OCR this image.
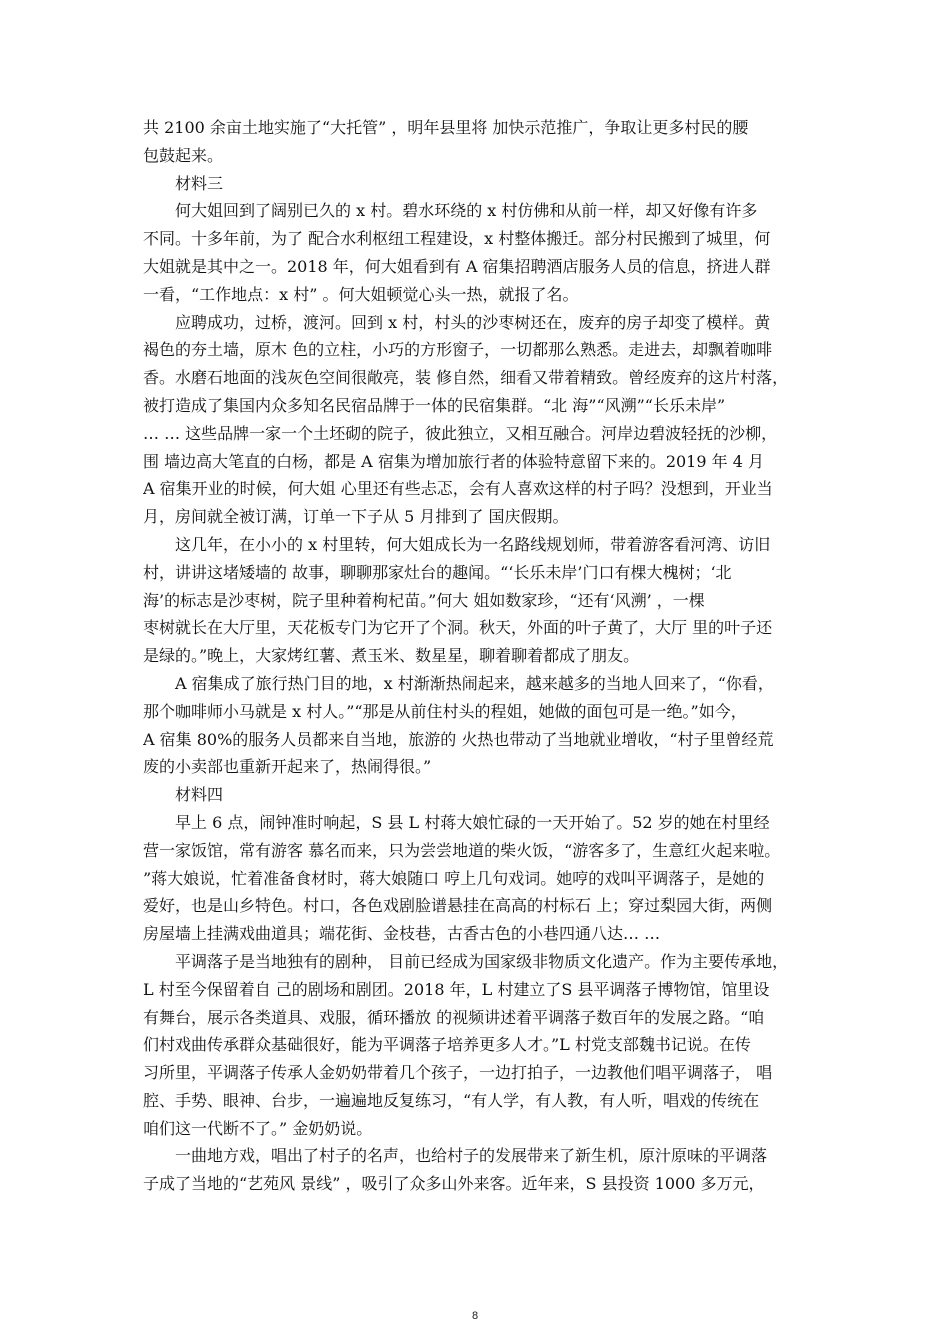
共 2100 余亩土地实施了“大托管” ，明年县里将 加快示范推广，争取让更多村民的腰
包鼓起来。
材料三
何大姐回到了阔别已久的 x 村。碧水环绕的 x 村仿佛和从前一样，却又好像有许多
不同。十多年前，为了 配合水利枢纽工程建设，x 村整体搬迁。部分村民搬到了城里，何
大姐就是其中之一。2018 年，何大姐看到有 A 宿集招聘酒店服务人员的信息，挤进人群
一看，“工作地点：x 村” 。何大姐顿觉心头一热，就报了名。
应聘成功，过桥，渡河。回到 x 村，村头的沙枣树还在，废弃的房子却变了模样。黄
褐色的夯土墙，原木 色的立柱，小巧的方形窗子，一切都那么熟悉。走进去，却飘着咖啡
香。水磨石地面的浅灰色空间很敞亮，装 修自然，细看又带着精致。曾经废弃的这片村落，
被打造成了集国内众多知名民宿品牌于一体的民宿集群。“北 海”“风溯”“长乐未岸”
… … 这些品牌一家一个土坯砌的院子，彼此独立，又相互融合。河岸边碧波轻抚的沙柳，
围 墙边高大笔直的白杨，都是 A 宿集为增加旅行者的体验特意留下来的。2019 年 4 月
A 宿集开业的时候，何大姐 心里还有些忐忑，会有人喜欢这样的村子吗？没想到，开业当
月，房间就全被订满，订单一下子从 5 月排到了 国庆假期。
这几年，在小小的 x 村里转，何大姐成长为一名路线规划师，带着游客看河湾、访旧
村，讲讲这堵矮墙的 故事，聊聊那家灶台的趣闻。“‘长乐未岸’门口有棵大槐树；‘北
海’的标志是沙枣树，院子里种着枸杞苗。”何大 姐如数家珍，“还有‘风溯’ ，一棵
枣树就长在大厅里，天花板专门为它开了个洞。秋天，外面的叶子黄了，大厅 里的叶子还
是绿的。”晚上，大家烤红薯、煮玉米、数星星，聊着聊着都成了朋友。
A 宿集成了旅行热门目的地，x 村渐渐热闹起来，越来越多的当地人回来了，“你看，
那个咖啡师小马就是 x 村人。”“那是从前住村头的程姐，她做的面包可是一绝。”如今，
A 宿集 80%的服务人员都来自当地，旅游的 火热也带动了当地就业增收，“村子里曾经荒
废的小卖部也重新开起来了，热闹得很。”
材料四
早上 6 点，闹钟准时响起，S 县 L 村蒋大娘忙碌的一天开始了。52 岁的她在村里经
营一家饭馆，常有游客 慕名而来，只为尝尝地道的柴火饭，“游客多了，生意红火起来啦。
”蒋大娘说，忙着准备食材时，蒋大娘随口 哼上几句戏词。她哼的戏叫平调落子，是她的
爱好，也是山乡特色。村口，各色戏剧脸谱悬挂在高高的村标石 上；穿过梨园大街，两侧
房屋墙上挂满戏曲道具；端花街、金枝巷，古香古色的小巷四通八达… …
平调落子是当地独有的剧种， 目前已经成为国家级非物质文化遗产。作为主要传承地，
L 村至今保留着自 己的剧场和剧团。2018 年，L 村建立了S 县平调落子博物馆，馆里设
有舞台，展示各类道具、戏服，循环播放 的视频讲述着平调落子数百年的发展之路。“咱
们村戏曲传承群众基础很好，能为平调落子培养更多人才。”L 村党支部魏书记说。在传
习所里，平调落子传承人金奶奶带着几个孩子，一边打拍子，一边教他们唱平调落子， 唱
腔、手势、眼神、台步，一遍遍地反复练习，“有人学，有人教，有人听，唱戏的传统在
咱们这一代断不了。” 金奶奶说。
一曲地方戏，唱出了村子的名声，也给村子的发展带来了新生机，原汁原味的平调落
子成了当地的“艺苑风 景线” ，吸引了众多山外来客。近年来，S 县投资 1000 多万元，
8
